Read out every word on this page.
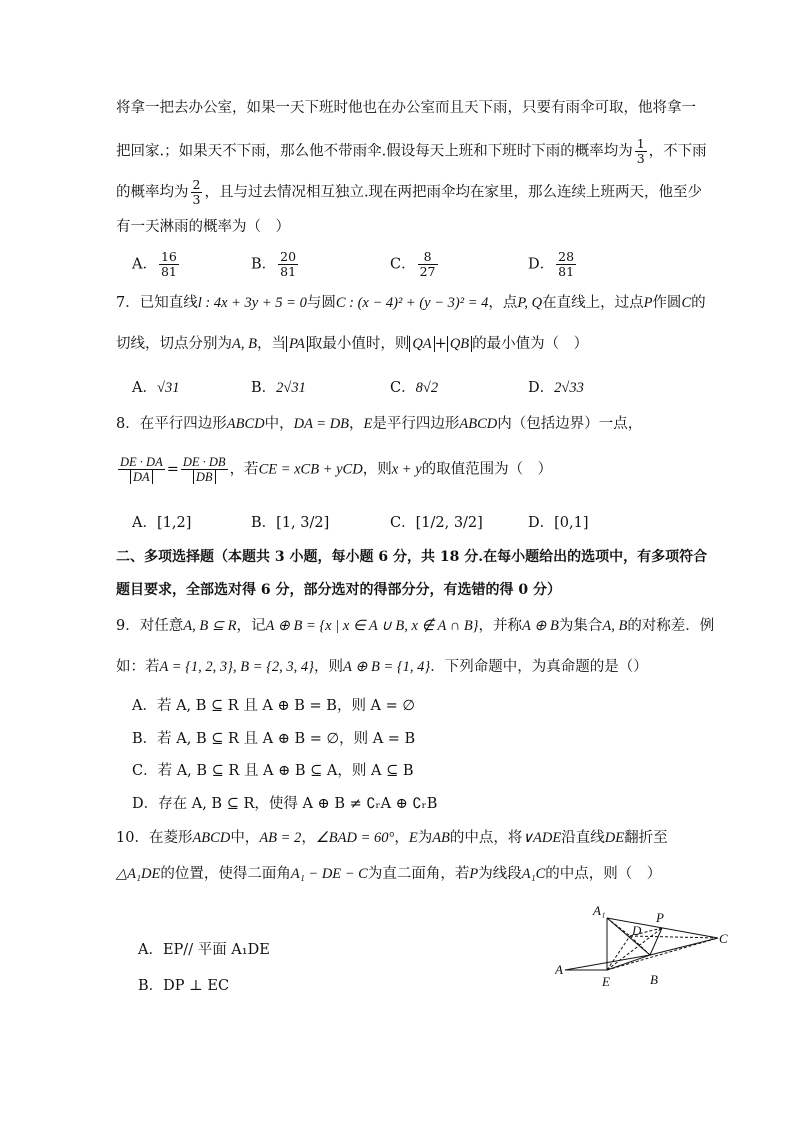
将拿一把去办公室，如果一天下班时他也在办公室而且天下雨，只要有雨伞可取，他将拿一
把回家.；如果天不下雨，那么他不带雨伞.假设每天上班和下班时下雨的概率均为 $\frac{1}{3}$ ，不下雨
的概率均为 $\frac{2}{3}$ ，且与过去情况相互独立.现在两把雨伞均在家里，那么连续上班两天，他至少
有一天淋雨的概率为（　）
A． $\frac{16}{81}$	B． $\frac{20}{81}$	C． $\frac{8}{27}$	D． $\frac{28}{81}$
7．已知直线l : 4x + 3y + 5 = 0与圆C : (x − 4)² + (y − 3)² = 4，点P, Q在直线上，过点P作圆C的
切线，切点分别为A, B，当 PA 取最小值时，则 QA + QB 的最小值为（　）
A．√31	B．2√31	C．8√2	D．2√33
8．在平行四边形ABCD中，DA = DB，E是平行四边形ABCD内（包括边界）一点，
$\frac{DE \cdot DA}{DA} = \frac{DE \cdot DB}{DB}$ ，若CE = xCB + yCD，则x + y的取值范围为（　）
A．[1,2]	B．[1, 3/2]	C．[1/2, 3/2]	D．[0,1]
二、多项选择题（本题共 3 小题，每小题 6 分，共 18 分.在每小题给出的选项中，有多项符合
题目要求，全部选对得 6 分，部分选对的得部分分，有选错的得 0 分）
9．对任意A, B ⊆ R，记A ⊕ B = {x | x ∈ A ∪ B, x ∉ A ∩ B}，并称A ⊕ B为集合A, B的对称差．例
如：若A = {1, 2, 3}, B = {2, 3, 4}，则A ⊕ B = {1, 4}．下列命题中，为真命题的是（）
A．若 A, B ⊆ R 且 A ⊕ B = B，则 A = ∅
B．若 A, B ⊆ R 且 A ⊕ B = ∅，则 A = B
C．若 A, B ⊆ R 且 A ⊕ B ⊆ A，则 A ⊆ B
D．存在 A, B ⊆ R，使得 A ⊕ B ≠ ∁ᵣA ⊕ ∁ᵣB
10．在菱形ABCD中，AB = 2，∠BAD = 60°，E为AB的中点，将∨ADE沿直线DE翻折至
△A₁DE的位置，使得二面角A₁ − DE − C为直二面角，若P为线段A₁C的中点，则（　）
A．EP// 平面 A₁DE
B．DP ⊥ EC
A₁	P
D
C
A
E	B
